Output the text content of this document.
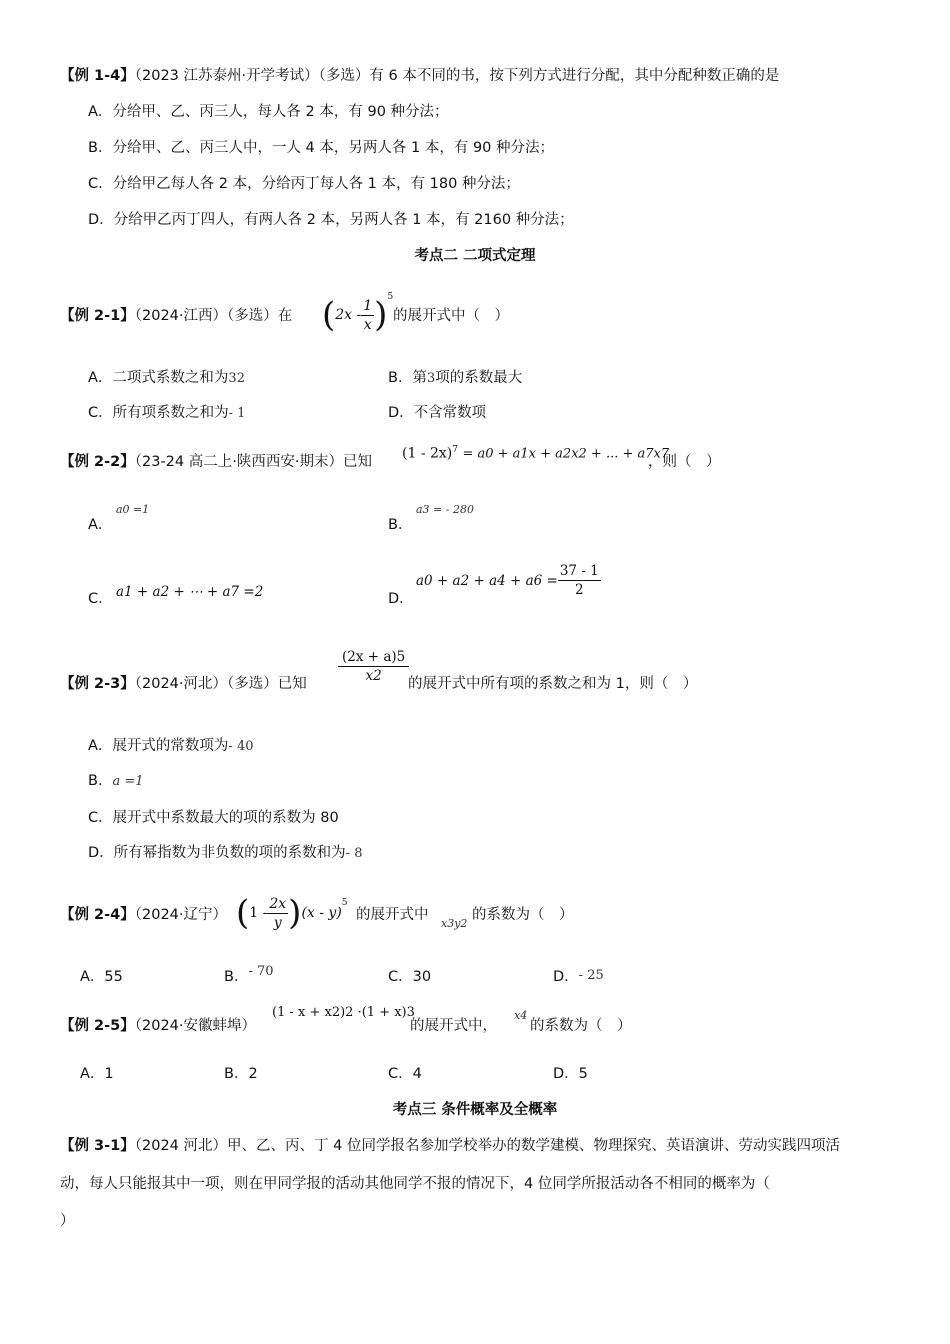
【例 1-4】（2023 江苏泰州·开学考试）（多选）有 6 本不同的书，按下列方式进行分配，其中分配种数正确的是
A．分给甲、乙、丙三人，每人各 2 本，有 90 种分法；
B．分给甲、乙、丙三人中，一人 4 本，另两人各 1 本，有 90 种分法；
C．分给甲乙每人各 2 本，分给丙丁每人各 1 本，有 180 种分法；
D．分给甲乙丙丁四人，有两人各 2 本，另两人各 1 本，有 2160 种分法；
考点二 二项式定理
【例 2-1】（2024·江西）（多选）在 ( $2x - \frac{1}{x} )^5$
的展开式中（　）
A．二项式系数之和为32	B．第3项的系数最大
C．所有项系数之和为- 1	D．不含常数项
【例 2-2】（23-24 高二上·陕西西安·期末）已知
(1 - 2x)$^7$ = a0 + a1x + a2x2 + ... + a7x7
，则（　）
A．
a0 =1
B．
a3 = - 280
C． a1 + a2 + ⋯ + a7 =2	D．
$a0 + a2 + a4 + a6 = \frac{37 - 1}{2}$
【例 2-3】（2024·河北）（多选）已知 $\frac{(2x + a)5}{x2}$
的展开式中所有项的系数之和为 1，则（　）
A．展开式的常数项为- 40
B．a =1
C．展开式中系数最大的项的系数为 80
D．所有幂指数为非负数的项的系数和为- 8
【例 2-4】（2024·辽宁） ( $1 - \frac{2x}{y}$ ) (x - y)
$^5$
的展开式中
x3y2
的系数为（　）
A．55	B．- 70	C．30	D．- 25
【例 2-5】（2024·安徽蚌埠）
(1 - x + x2)2 ·(1 + x)3
的展开式中，
x4
的系数为（　）
A．1	B．2	C．4	D．5
考点三 条件概率及全概率
【例 3-1】（2024 河北）甲、乙、丙、丁 4 位同学报名参加学校举办的数学建模、物理探究、英语演讲、劳动实践四项活
动，每人只能报其中一项，则在甲同学报的活动其他同学不报的情况下，4 位同学所报活动各不相同的概率为（
）
